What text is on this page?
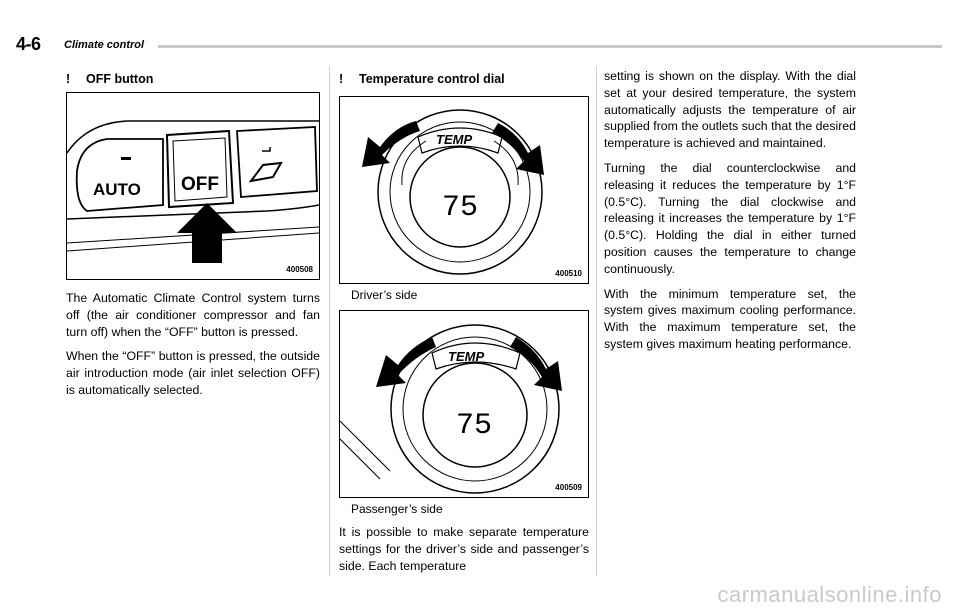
4-6 Climate control
! OFF button
AUTO OFF
400508

The Automatic Climate Control system turns off (the air conditioner compressor and fan turn off) when the “OFF” button is pressed.

When the “OFF” button is pressed, the outside air introduction mode (air inlet selection OFF) is automatically selected.

! Temperature control dial
TEMP
75
400510
Driver’s side
TEMP
75
400509
Passenger’s side

It is possible to make separate temperature settings for the driver’s side and passenger’s side. Each temperature

setting is shown on the display. With the dial set at your desired temperature, the system automatically adjusts the temperature of air supplied from the outlets such that the desired temperature is achieved and maintained.

Turning the dial counterclockwise and releasing it reduces the temperature by 1°F (0.5°C). Turning the dial clockwise and releasing it increases the temperature by 1°F (0.5°C). Holding the dial in either turned position causes the temperature to change continuously.

With the minimum temperature set, the system gives maximum cooling performance. With the maximum temperature set, the system gives maximum heating performance.

carmanualsonline.info
